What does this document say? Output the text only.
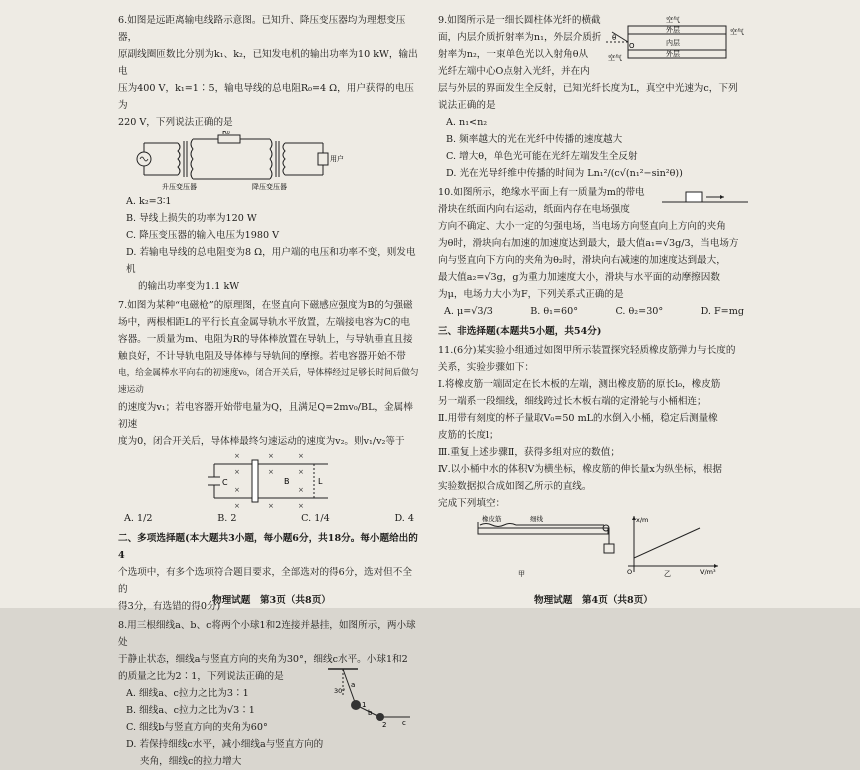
6.如图是远距离输电线路示意图。已知升、降压变压器均为理想变压器，

原副线圈匝数比分别为k₁、k₂，已知发电机的输出功率为10 kW，输出电

压为400 V，k₁=1∶5，输电导线的总电阻R₀=4 Ω，用户获得的电压为

220 V，下列说法正确的是

R₀
用户
升压变压器	降压变压器

A. k₂=3∶1

B. 导线上损失的功率为120 W

C. 降压变压器的输入电压为1980 V

D. 若输电导线的总电阻变为8 Ω，用户端的电压和功率不变，则发电机

的输出功率变为1.1 kW

7.如图为某种“电磁枪”的原理图，在竖直向下磁感应强度为B的匀强磁

场中，两根相距L的平行长直金属导轨水平放置，左端接电容为C的电

容器。一质量为m、电阻为R的导体棒放置在导轨上，与导轨垂直且接

触良好，不计导轨电阻及导体棒与导轨间的摩擦。若电容器开始不带

电，给金属棒水平向右的初速度v₀，闭合开关后，导体棒经过足够长时间后做匀速运动

的速度为v₁；若电容器开始带电量为Q，且满足Q=2mv₀/BL，金属棒初速

度为0，闭合开关后，导体棒最终匀速运动的速度为v₂。则v₁/v₂等于

C	B	L
×	×	×
×	×	×
×	×
×	×	×
A. 1/2	B. 2	C. 1/4	D. 4

二、多项选择题(本大题共3小题，每小题6分，共18分。每小题给出的4

个选项中，有多个选项符合题目要求，全部选对的得6分，选对但不全的

得3分，有选错的得0分)

8.用三根细线a、b、c将两个小球1和2连接并悬挂，如图所示，两小球处

于静止状态，细线a与竖直方向的夹角为30°，细线c水平。小球1和2

的质量之比为2∶1，下列说法正确的是

A. 细线a、c拉力之比为3∶1

B. 细线a、c拉力之比为√3∶1

C. 细线b与竖直方向的夹角为60°

D. 若保持细线c水平，减小细线a与竖直方向的

夹角，细线c的拉力增大

a
30°
1
b
2 c
物理试题　第3页（共8页）

9.如图所示是一细长圆柱体光纤的横截

面，内层介质折射率为n₁，外层介质折

射率为n₂，一束单色光以入射角θ从

光纤左端中心O点射入光纤，并在内

层与外层的界面发生全反射，已知光纤长度为L，真空中光速为c，下列

说法正确的是

A. n₁<n₂

B. 频率越大的光在光纤中传播的速度越大

C. 增大θ，单色光可能在光纤左端发生全反射

D. 光在光导纤维中传播的时间为 Ln₁²/(c√(n₁²−sin²θ))

空气
空气
空气
外层
内层
外层
O
θ

10.如图所示，绝缘水平面上有一质量为m的带电

滑块在纸面内向右运动，纸面内存在电场强度

方向不确定、大小一定的匀强电场，当电场方向竖直向上方向的夹角

为θ时，滑块向右加速的加速度达到最大，最大值a₁=√3g/3，当电场方

向与竖直向下方向的夹角为θ₂时，滑块向右减速的加速度达到最大，

最大值a₂=√3g，g为重力加速度大小，滑块与水平面的动摩擦因数

为μ，电场力大小为F，下列关系式正确的是

A. μ=√3/3	B. θ₁=60°	C. θ₂=30°	D. F=mg
三、非选择题(本题共5小题，共54分)

11.(6分)某实验小组通过如图甲所示装置探究轻质橡皮筋弹力与长度的

关系，实验步骤如下：

Ⅰ.将橡皮筋一端固定在长木板的左端，测出橡皮筋的原长l₀，橡皮筋

另一端系一段细线，细线跨过长木板右端的定滑轮与小桶相连；

Ⅱ.用带有刻度的杯子量取V₀=50 mL的水倒入小桶，稳定后测量橡

皮筋的长度l；

Ⅲ.重复上述步骤Ⅱ，获得多组对应的数值；

Ⅳ.以小桶中水的体积V为横坐标，橡皮筋的伸长量x为纵坐标，根据

实验数据拟合成如图乙所示的直线。

完成下列填空：

橡皮筋	细线
甲
x/m
V/m³
O	乙
物理试题　第4页（共8页）
